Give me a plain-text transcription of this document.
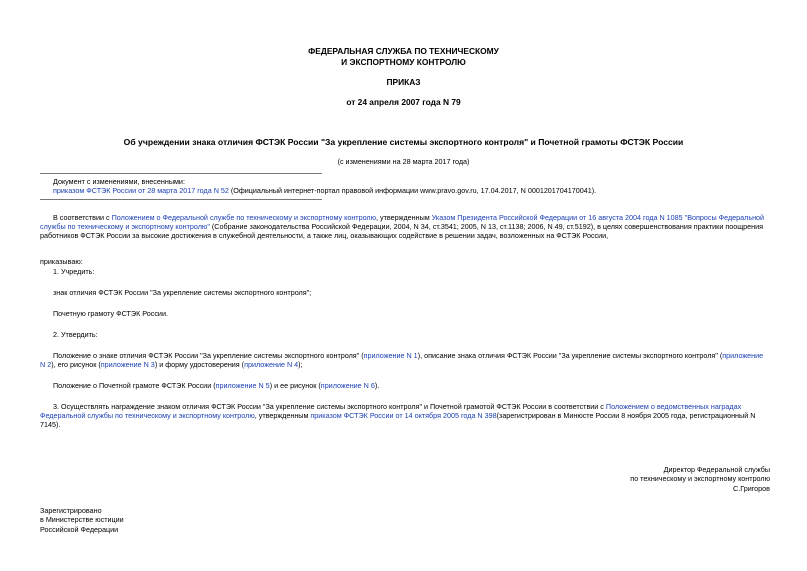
ФЕДЕРАЛЬНАЯ СЛУЖБА ПО ТЕХНИЧЕСКОМУ
И ЭКСПОРТНОМУ КОНТРОЛЮ
ПРИКАЗ
от 24 апреля 2007 года N 79
Об учреждении знака отличия ФСТЭК России "За укрепление системы экспортного контроля" и Почетной грамоты ФСТЭК России
(с изменениями на 28 марта 2017 года)
Документ с изменениями, внесенными:
приказом ФСТЭК России от 28 марта 2017 года N 52 (Официальный интернет-портал правовой информации www.pravo.gov.ru, 17.04.2017, N 0001201704170041).
В соответствии с Положением о Федеральной службе по техническому и экспортному контролю, утвержденным Указом Президента Российской Федерации от 16 августа 2004 года N 1085 "Вопросы Федеральной службы по техническому и экспортному контролю" (Собрание законодательства Российской Федерации, 2004, N 34, ст.3541; 2005, N 13, ст.1138; 2006, N 49, ст.5192), в целях совершенствования практики поощрения работников ФСТЭК России за высокие достижения в служебной деятельности, а также лиц, оказывающих содействие в решении задач, возложенных на ФСТЭК России,
приказываю:
1. Учредить:
знак отличия ФСТЭК России "За укрепление системы экспортного контроля";
Почетную грамоту ФСТЭК России.
2. Утвердить:
Положение о знаке отличия ФСТЭК России "За укрепление системы экспортного контроля" (приложение N 1), описание знака отличия ФСТЭК России "За укрепление системы экспортного контроля" (приложение N 2), его рисунок (приложение N 3) и форму удостоверения (приложение N 4);
Положение о Почетной грамоте ФСТЭК России (приложение N 5) и ее рисунок (приложение N 6).
3. Осуществлять награждение знаком отличия ФСТЭК России "За укрепление системы экспортного контроля" и Почетной грамотой ФСТЭК России в соответствии с Положением о ведомственных наградах Федеральной службы по техническому и экспортному контролю, утвержденным приказом ФСТЭК России от 14 октября 2005 года N 398(зарегистрирован в Минюсте России 8 ноября 2005 года, регистрационный N 7145).
Директор Федеральной службы
по техническому и экспортному контролю
С.Григоров
Зарегистрировано
в Министерстве юстиции
Российской Федерации
